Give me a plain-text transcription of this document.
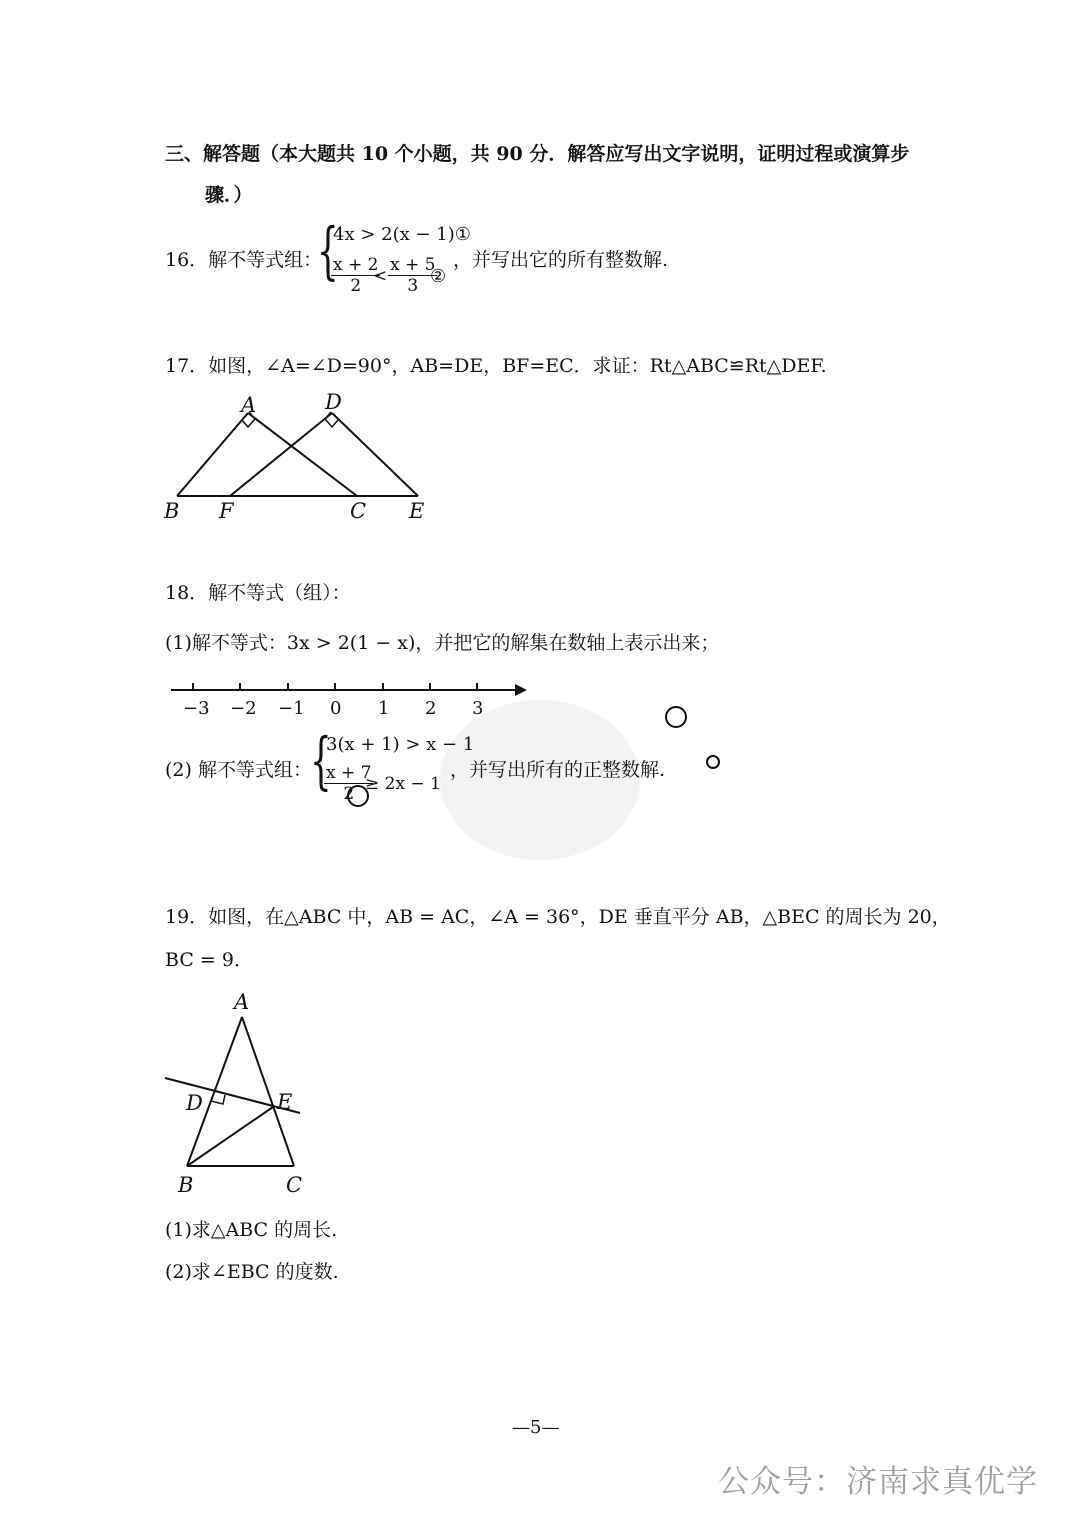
三、解答题（本大题共 10 个小题，共 90 分．解答应写出文字说明，证明过程或演算步
骤．）
16．解不等式组：
{
4x > 2(x − 1)①
$\frac{x + 2}{2}$
< $\frac{x + 5}{3}$
②
，并写出它的所有整数解.
17．如图，∠A=∠D=90°，AB=DE，BF=EC．求证：Rt△ABC≌Rt△DEF.
A	D
B F	C E
18．解不等式（组）：
(1)解不等式：3x > 2(1 − x)，并把它的解集在数轴上表示出来；
−3 −2 −1 0 1 2 3
(2) 解不等式组：
{
3(x + 1) > x − 1
$\frac{x + 7}{2}$
≥ 2x − 1
，并写出所有的正整数解.
19．如图，在△ABC 中，AB = AC，∠A = 36°，DE 垂直平分 AB，△BEC 的周长为 20，
BC = 9．
A
D	E
B	C
(1)求△ABC 的周长.
(2)求∠EBC 的度数.
—5—
公众号：济南求真优学
